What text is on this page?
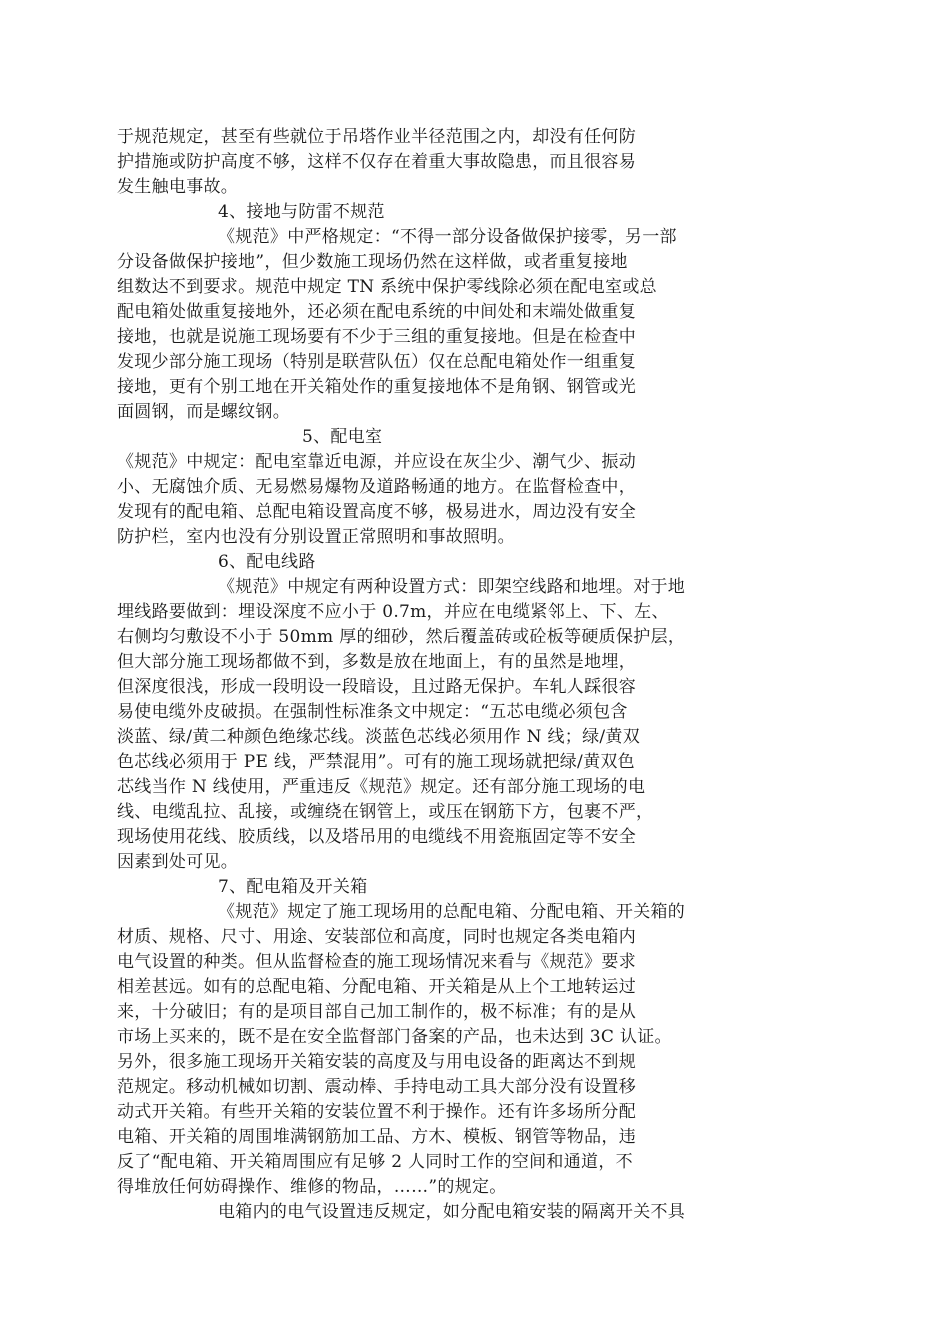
于规范规定，甚至有些就位于吊塔作业半径范围之内，却没有任何防
护措施或防护高度不够，这样不仅存在着重大事故隐患，而且很容易
发生触电事故。
4、接地与防雷不规范
《规范》中严格规定：“不得一部分设备做保护接零，另一部
分设备做保护接地”，但少数施工现场仍然在这样做，或者重复接地
组数达不到要求。规范中规定 TN 系统中保护零线除必须在配电室或总
配电箱处做重复接地外，还必须在配电系统的中间处和末端处做重复
接地，也就是说施工现场要有不少于三组的重复接地。但是在检查中
发现少部分施工现场（特别是联营队伍）仅在总配电箱处作一组重复
接地，更有个别工地在开关箱处作的重复接地体不是角钢、钢管或光
面圆钢，而是螺纹钢。
5、配电室
《规范》中规定：配电室靠近电源，并应设在灰尘少、潮气少、振动
小、无腐蚀介质、无易燃易爆物及道路畅通的地方。在监督检查中，
发现有的配电箱、总配电箱设置高度不够，极易进水，周边没有安全
防护栏，室内也没有分别设置正常照明和事故照明。
6、配电线路
《规范》中规定有两种设置方式：即架空线路和地埋。对于地
埋线路要做到：埋设深度不应小于 0.7m，并应在电缆紧邻上、下、左、
右侧均匀敷设不小于 50mm 厚的细砂，然后覆盖砖或砼板等硬质保护层，
但大部分施工现场都做不到，多数是放在地面上，有的虽然是地埋，
但深度很浅，形成一段明设一段暗设，且过路无保护。车轧人踩很容
易使电缆外皮破损。在强制性标准条文中规定：“五芯电缆必须包含
淡蓝、绿/黄二种颜色绝缘芯线。淡蓝色芯线必须用作 N 线；绿/黄双
色芯线必须用于 PE 线，严禁混用”。可有的施工现场就把绿/黄双色
芯线当作 N 线使用，严重违反《规范》规定。还有部分施工现场的电
线、电缆乱拉、乱接，或缠绕在钢管上，或压在钢筋下方，包裹不严，
现场使用花线、胶质线，以及塔吊用的电缆线不用瓷瓶固定等不安全
因素到处可见。
7、配电箱及开关箱
《规范》规定了施工现场用的总配电箱、分配电箱、开关箱的
材质、规格、尺寸、用途、安装部位和高度，同时也规定各类电箱内
电气设置的种类。但从监督检查的施工现场情况来看与《规范》要求
相差甚远。如有的总配电箱、分配电箱、开关箱是从上个工地转运过
来，十分破旧；有的是项目部自己加工制作的，极不标准；有的是从
市场上买来的，既不是在安全监督部门备案的产品，也未达到 3C 认证。
另外，很多施工现场开关箱安装的高度及与用电设备的距离达不到规
范规定。移动机械如切割、震动棒、手持电动工具大部分没有设置移
动式开关箱。有些开关箱的安装位置不利于操作。还有许多场所分配
电箱、开关箱的周围堆满钢筋加工品、方木、模板、钢管等物品，违
反了“配电箱、开关箱周围应有足够 2 人同时工作的空间和通道，不
得堆放任何妨碍操作、维修的物品，……”的规定。
电箱内的电气设置违反规定，如分配电箱安装的隔离开关不具
